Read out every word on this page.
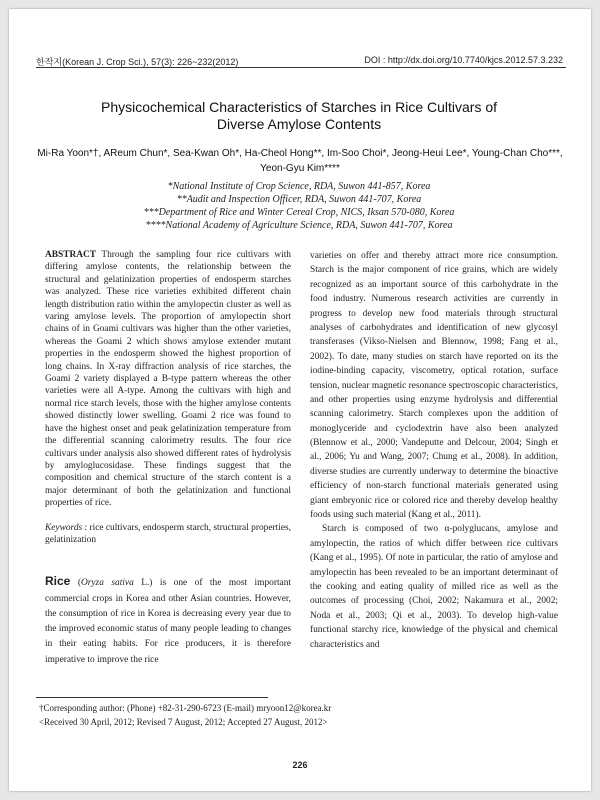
한작지(Korean J. Crop Sci.), 57(3): 226~232(2012)	DOI : http://dx.doi.org/10.7740/kjcs.2012.57.3.232
Physicochemical Characteristics of Starches in Rice Cultivars of
Diverse Amylose Contents
Mi-Ra Yoon*†, AReum Chun*, Sea-Kwan Oh*, Ha-Cheol Hong**, Im-Soo Choi*, Jeong-Heui Lee*, Young-Chan Cho***,
Yeon-Gyu Kim****
*National Institute of Crop Science, RDA, Suwon 441-857, Korea
**Audit and Inspection Officer, RDA, Suwon 441-707, Korea
***Department of Rice and Winter Cereal Crop, NICS, Iksan 570-080, Korea
****National Academy of Agriculture Science, RDA, Suwon 441-707, Korea

ABSTRACT Through the sampling four rice cultivars with differing amylose contents, the relationship between the structural and gelatinization properties of endosperm starches was analyzed. These rice varieties exhibited different chain length distribution ratio within the amylopectin cluster as well as varing amylose levels. The proportion of amylopectin short chains of in Goami cultivars was higher than the other varieties, whereas the Goami 2 which shows amylose extender mutant properties in the endosperm showed the highest proportion of long chains. In X-ray diffraction analysis of rice starches, the Goami 2 variety displayed a B-type pattern whereas the other varieties were all A-type. Among the cultivars with high and normal rice starch levels, those with the higher amylose contents showed distinctly lower swelling. Goami 2 rice was found to have the highest onset and peak gelatinization temperature from the differential scanning calorimetry results. The four rice cultivars under analysis also showed different rates of hydrolysis by amyloglucosidase. These findings suggest that the composition and chemical structure of the starch content is a major determinant of both the gelatinization and functional properties of rice.

Keywords : rice cultivars, endosperm starch, structural properties, gelatinization

Rice (Oryza sativa L.) is one of the most important commercial crops in Korea and other Asian countries. However, the consumption of rice in Korea is decreasing every year due to the improved economic status of many people leading to changes in their eating habits. For rice producers, it is therefore imperative to improve the rice

varieties on offer and thereby attract more rice consumption. Starch is the major component of rice grains, which are widely recognized as an important source of this carbohydrate in the food industry. Numerous research activities are currently in progress to develop new food materials through structural analyses of carbohydrates and identification of new glycosyl transferases (Vikso-Nielsen and Blennow, 1998; Fang et al., 2002). To date, many studies on starch have reported on its the iodine-binding capacity, viscometry, optical rotation, surface tension, nuclear magnetic resonance spectroscopic characteristics, and other properties using enzyme hydrolysis and differential scanning calorimetry. Starch complexes upon the addition of monoglyceride and cyclodextrin have also been analyzed (Blennow et al., 2000; Vandeputte and Delcour, 2004; Singh et al., 2006; Yu and Wang, 2007; Chung et al., 2008). In addition, diverse studies are currently underway to determine the bioactive efficiency of non-starch functional materials generated using giant embryonic rice or colored rice and thereby develop healthy foods using such material (Kang et al., 2011).

Starch is composed of two α-polyglucans, amylose and amylopectin, the ratios of which differ between rice cultivars (Kang et al., 1995). Of note in particular, the ratio of amylose and amylopectin has been revealed to be an important determinant of the cooking and eating quality of milled rice as well as the outcomes of processing (Choi, 2002; Nakamura et al., 2002; Noda et al., 2003; Qi et al., 2003). To develop high-value functional starchy rice, knowledge of the physical and chemical characteristics and

†Corresponding author: (Phone) +82-31-290-6723 (E-mail) mryoon12@korea.kr
<Received 30 April, 2012; Revised 7 August, 2012; Accepted 27 August, 2012>
226
